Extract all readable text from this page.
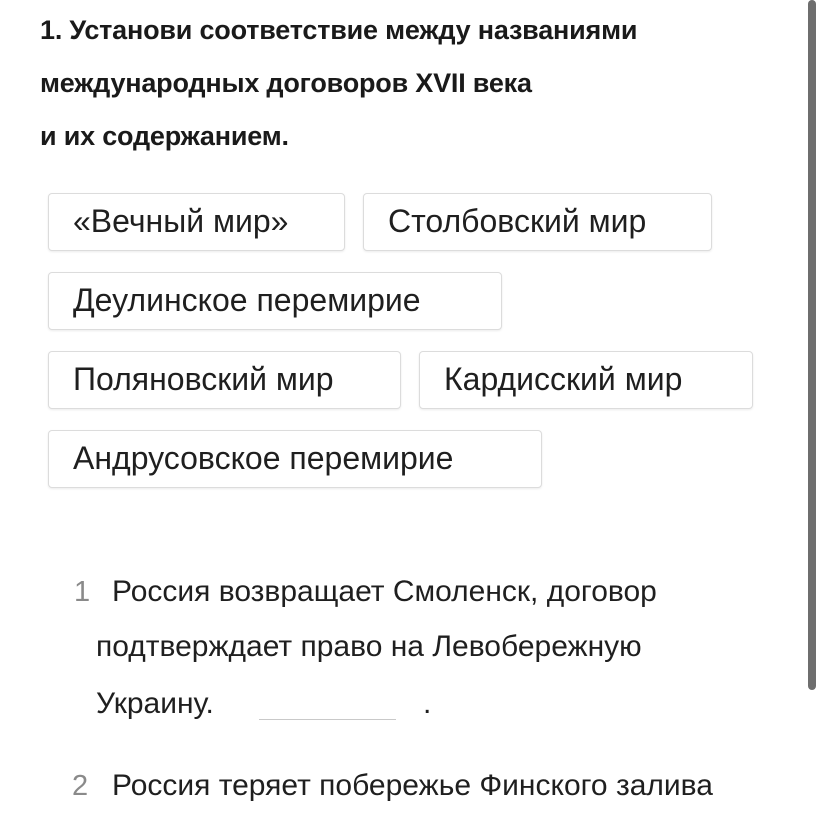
1. Установи соответствие между названиями
международных договоров XVII века
и их содержанием.
«Вечный мир»	Столбовский мир
Деулинское перемирие
Поляновский мир	Кардисский мир
Андрусовское перемирие
1 Россия возвращает Смоленск, договор
подтверждает право на Левобережную
Украину.	.
2 Россия теряет побережье Финского залива
